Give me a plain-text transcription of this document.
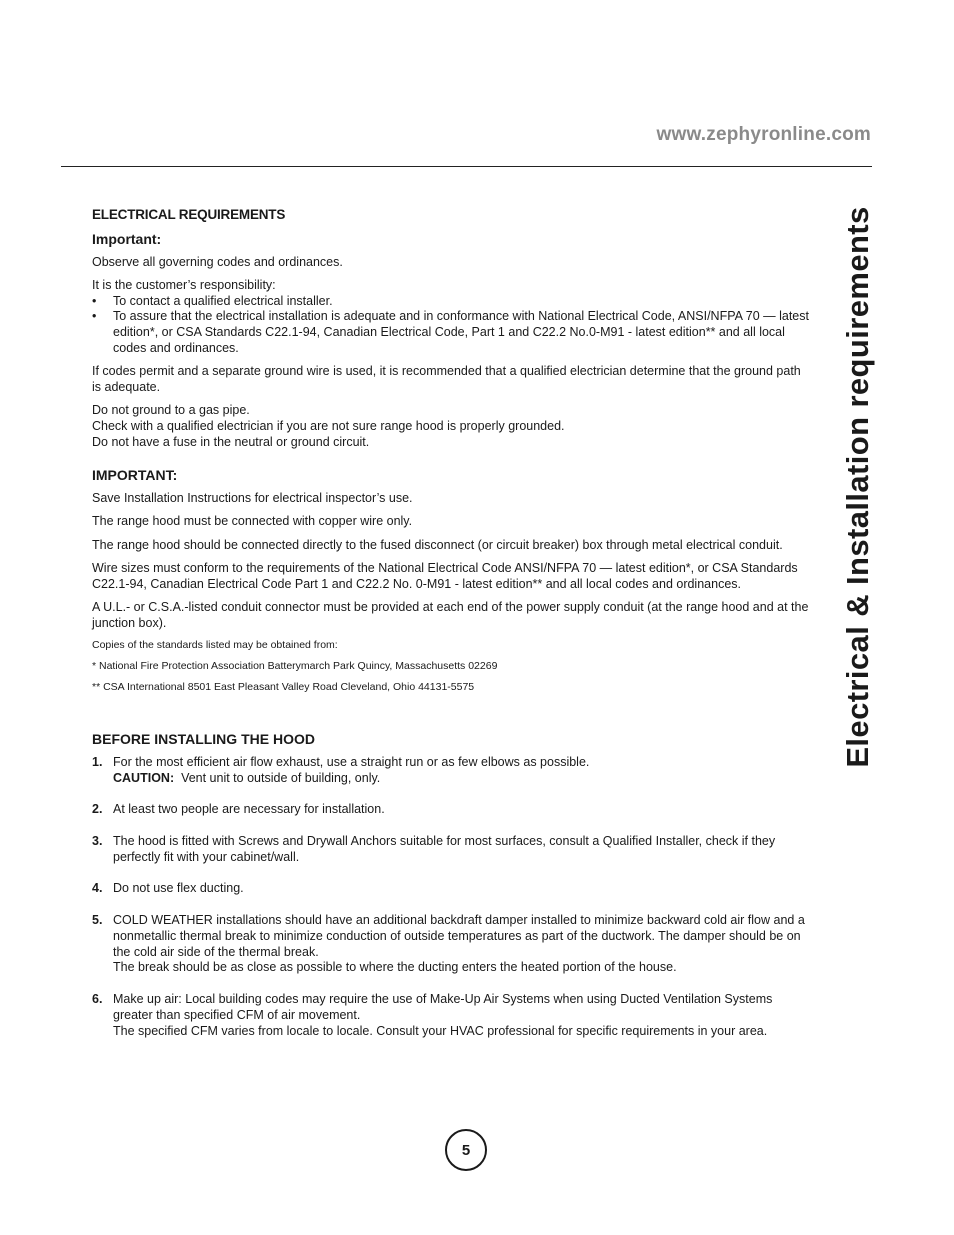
www.zephyronline.com
Electrical & Installation requirements
ELECTRICAL REQUIREMENTS
Important:

Observe all governing codes and ordinances.

It is the customer’s responsibility:

• To contact a qualified electrical installer.
• To assure that the electrical installation is adequate and in conformance with National Electrical Code, ANSI/NFPA 70 — latest edition*, or CSA Standards C22.1-94, Canadian Electrical Code, Part 1 and C22.2 No.0-M91 - latest edition** and all local codes and ordinances.

If codes permit and a separate ground wire is used, it is recommended that a qualified electrician determine that the ground path is adequate.

Do not ground to a gas pipe.
Check with a qualified electrician if you are not sure range hood is properly grounded.
Do not have a fuse in the neutral or ground circuit.

IMPORTANT:

Save Installation Instructions for electrical inspector’s use.

The range hood must be connected with copper wire only.

The range hood should be connected directly to the fused disconnect (or circuit breaker) box through metal electrical conduit.

Wire sizes must conform to the requirements of the National Electrical Code ANSI/NFPA 70 — latest edition*, or CSA Standards C22.1-94, Canadian Electrical Code Part 1 and C22.2 No. 0-M91 - latest edition** and all local codes and ordinances.

A U.L.- or C.S.A.-listed conduit connector must be provided at each end of the power supply conduit (at the range hood and at the junction box).

Copies of the standards listed may be obtained from:

* National Fire Protection Association Batterymarch Park Quincy, Massachusetts 02269

** CSA International 8501 East Pleasant Valley Road Cleveland, Ohio 44131-5575

BEFORE INSTALLING THE HOOD
1. For the most efficient air flow exhaust, use a straight run or as few elbows as possible.
CAUTION: Vent unit to outside of building, only.
2. At least two people are necessary for installation.
3. The hood is fitted with Screws and Drywall Anchors suitable for most surfaces, consult a Qualified Installer, check if they perfectly fit with your cabinet/wall.
4. Do not use flex ducting.
5. COLD WEATHER installations should have an additional backdraft damper installed to minimize backward cold air flow and a nonmetallic thermal break to minimize conduction of outside temperatures as part of the ductwork. The damper should be on the cold air side of the thermal break.
The break should be as close as possible to where the ducting enters the heated portion of the house.
6. Make up air: Local building codes may require the use of Make-Up Air Systems when using Ducted Ventilation Systems greater than specified CFM of air movement.
The specified CFM varies from locale to locale. Consult your HVAC professional for specific requirements in your area.
5
